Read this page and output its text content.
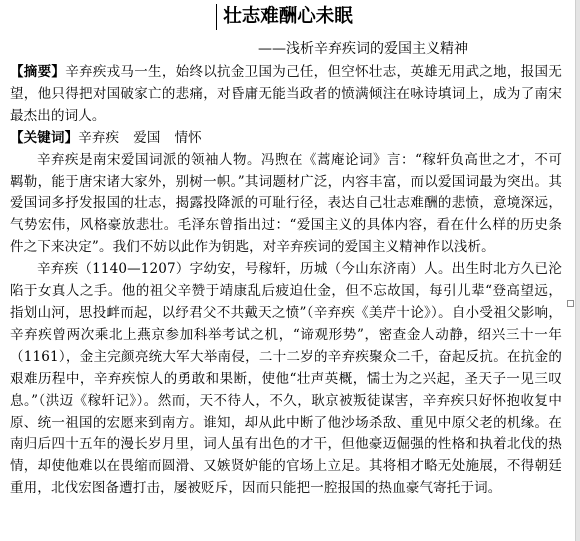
壮志难酬心未眠
——浅析辛弃疾词的爱国主义精神

【摘要】辛弃疾戎马一生，始终以抗金卫国为己任，但空怀壮志，英雄无用武之地，报国无望，他只得把对国破家亡的悲痛，对昏庸无能当政者的愤满倾注在咏诗填词上，成为了南宋最杰出的词人。

【关键词】辛弃疾 爱国 情怀

辛弃疾是南宋爱国词派的领袖人物。冯煦在《蒿庵论词》言：“稼轩负高世之才，不可羁勒，能于唐宋诸大家外，别树一帜。”其词题材广泛，内容丰富，而以爱国词最为突出。其爱国词多抒发报国的壮志，揭露投降派的可耻行径，表达自己壮志难酬的悲愤，意境深远，气势宏伟，风格豪放悲壮。毛泽东曾指出过：“爱国主义的具体内容，看在什么样的历史条件之下来决定”。我们不妨以此作为钥匙，对辛弃疾词的爱国主义精神作以浅析。

辛弃疾（1140—1207）字幼安，号稼轩，历城（今山东济南）人。出生时北方久已沦陷于女真人之手。他的祖父辛赞于靖康乱后疲迫仕金，但不忘故国，每引儿辈“登高望远，指划山河，思投衅而起，以纾君父不共戴天之愤”（辛弃疾《美芹十论》）。自小受祖父影响，辛弃疾曾两次乘北上燕京参加科举考试之机，“谛观形势”，密查金人动静，绍兴三十一年（1161），金主完颜亮统大军大举南侵，二十二岁的辛弃疾聚众二千，奋起反抗。在抗金的艰难历程中，辛弃疾惊人的勇敢和果断，使他“壮声英概，懦士为之兴起，圣天子一见三叹息。”（洪迈《稼轩记》）。然而，天不待人，不久，耿京被叛徒谋害，辛弃疾只好怀抱收复中原、统一祖国的宏愿来到南方。谁知，却从此中断了他沙场杀敌、重见中原父老的机缘。在南归后四十五年的漫长岁月里，词人虽有出色的才干，但他豪迈倔强的性格和执着北伐的热情，却使他难以在畏缩而圆滑、又嫉贤妒能的官场上立足。其将相才略无处施展，不得朝廷重用，北伐宏图备遭打击，屡被贬斥，因而只能把一腔报国的热血豪气寄托于词。
